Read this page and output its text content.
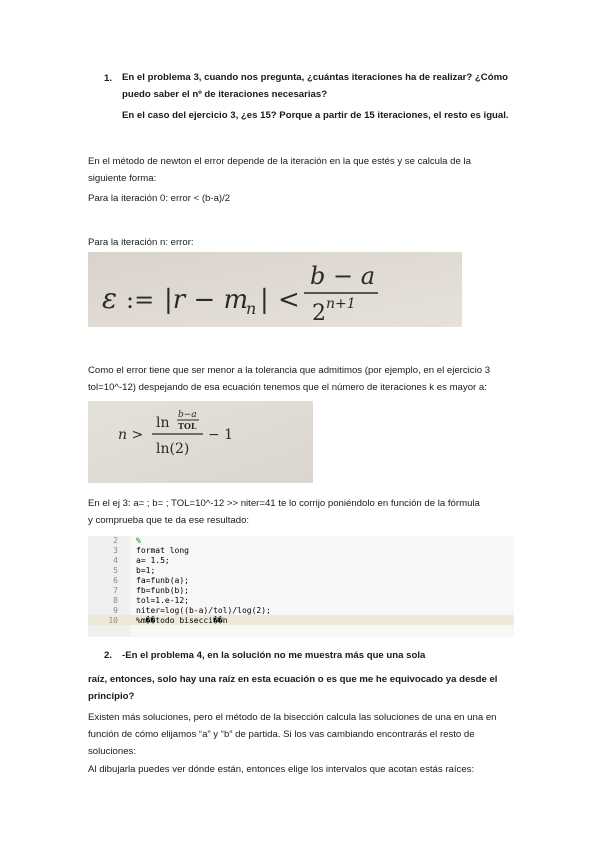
1. En el problema 3, cuando nos pregunta, ¿cuántas iteraciones ha de realizar? ¿Cómo
puedo saber el nº de iteraciones necesarias?
En el caso del ejercicio 3, ¿es 15? Porque a partir de 15 iteraciones, el resto es igual.
En el método de newton el error depende de la iteración en la que estés y se calcula de la
siguiente forma:
Para la iteración 0: error < (b-a)/2
Para la iteración n: error:
ε := |r − m
n | <
b − a
2 n+1
Como el error tiene que ser menor a la tolerancia que admitimos (por ejemplo, en el ejercicio 3
tol=10^-12) despejando de esa ecuación tenemos que el número de iteraciones k es mayor a:
n >
ln b−a
TOL
ln(2)
− 1
En el ej 3: a= ; b= ; TOL=10^-12 >> niter=41 te lo corrijo poniéndolo en función de la fórmula
y comprueba que te da ese resultado:
2 %
3 format long
4 a= 1.5;
5 b=1;
6 fa=funb(a);
7 fb=funb(b);
8 tol=1.e-12;
9 niter=log((b-a)/tol)/log(2);
10 %m��todo bisecci��n
2. -En el problema 4, en la solución no me muestra más que una sola
raíz, entonces, solo hay una raíz en esta ecuación o es que me he equivocado ya desde el
principio?
Existen más soluciones, pero el método de la bisección calcula las soluciones de una en una en
función de cómo elijamos “a” y “b” de partida. Si los vas cambiando encontrarás el resto de
soluciones:
Al dibujarla puedes ver dónde están, entonces elige los intervalos que acotan estás raíces:
